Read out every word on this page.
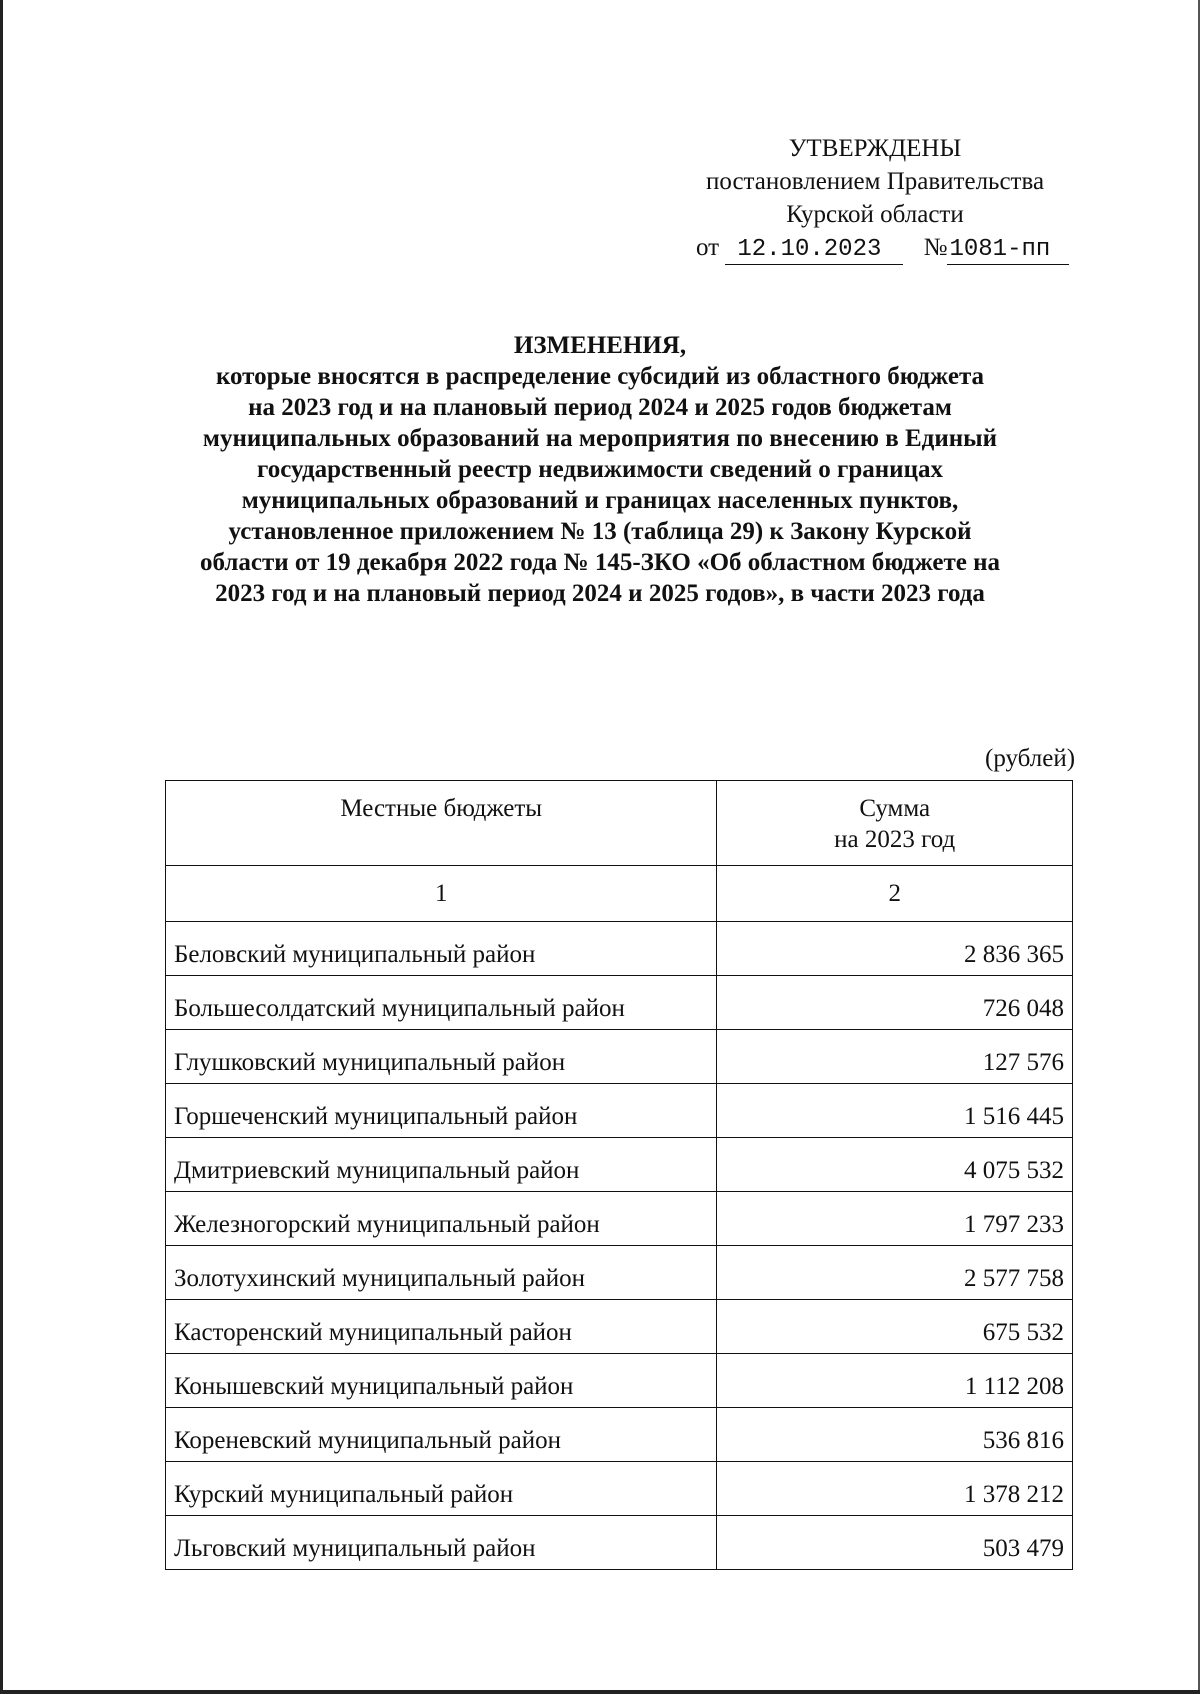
УТВЕРЖДЕНЫ
постановлением Правительства
Курской области
от 12.10.2023 №1081-пп
ИЗМЕНЕНИЯ,
которые вносятся в распределение субсидий из областного бюджета
на 2023 год и на плановый период 2024 и 2025 годов бюджетам
муниципальных образований на мероприятия по внесению в Единый
государственный реестр недвижимости сведений о границах
муниципальных образований и границах населенных пунктов,
установленное приложением № 13 (таблица 29) к Закону Курской
области от 19 декабря 2022 года № 145-ЗКО «Об областном бюджете на
2023 год и на плановый период 2024 и 2025 годов», в части 2023 года
(рублей)
Местные бюджеты	Сумма
на 2023 год
1	2
Беловский муниципальный район	2 836 365
Большесолдатский муниципальный район	726 048
Глушковский муниципальный район	127 576
Горшеченский муниципальный район	1 516 445
Дмитриевский муниципальный район	4 075 532
Железногорский муниципальный район	1 797 233
Золотухинский муниципальный район	2 577 758
Касторенский муниципальный район	675 532
Конышевский муниципальный район	1 112 208
Кореневский муниципальный район	536 816
Курский муниципальный район	1 378 212
Льговский муниципальный район	503 479
